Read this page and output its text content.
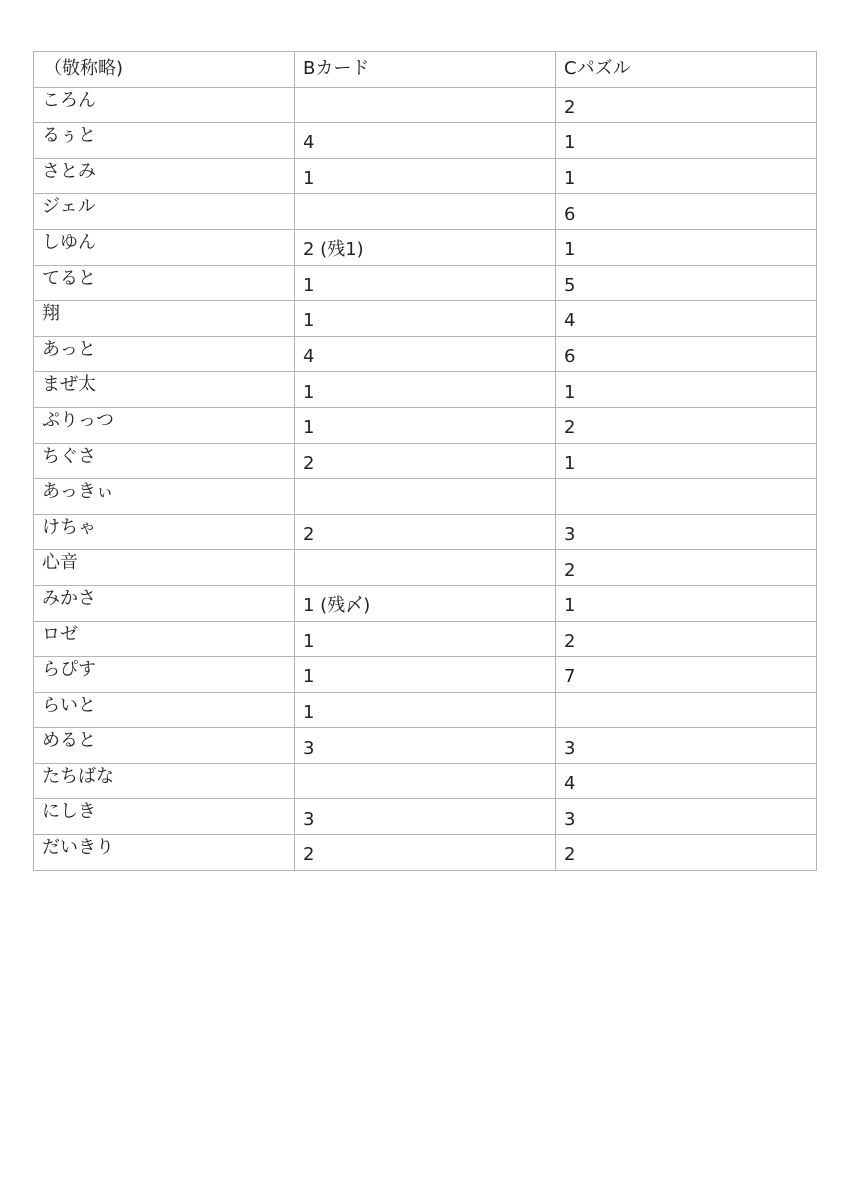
（敬称略)	Bカード	Cパズル
ころん		2
るぅと	4	1
さとみ	1	1
ジェル		6
しゆん	2 (残1)	1
てると	1	5
翔	1	4
あっと	4	6
まぜ太	1	1
ぷりっつ	1	2
ちぐさ	2	1
あっきぃ		
けちゃ	2	3
心音		2
みかさ	1 (残〆)	1
ロゼ	1	2
らぴす	1	7
らいと	1	
めると	3	3
たちばな		4
にしき	3	3
だいきり	2	2
